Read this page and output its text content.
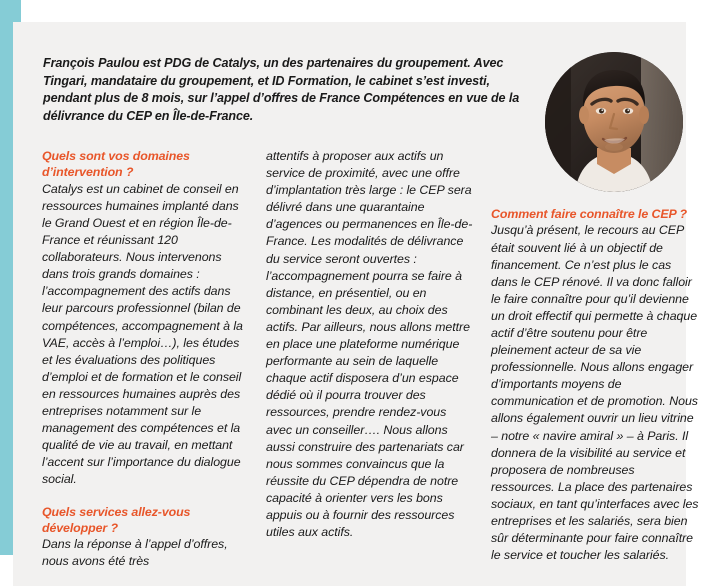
François Paulou est PDG de Catalys, un des partenaires du groupement. Avec Tingari, mandataire du groupement, et ID Formation, le cabinet s’est investi, pendant plus de 8 mois, sur l’appel d’offres de France Compétences en vue de la délivrance du CEP en Île-de-France.
Quels sont vos domaines d’intervention ?

Catalys est un cabinet de conseil en ressources humaines implanté dans le Grand Ouest et en région Île-de-France et réunissant 120 collaborateurs. Nous intervenons dans trois grands domaines : l’accompagnement des actifs dans leur parcours professionnel (bilan de compétences, accompagnement à la VAE, accès à l’emploi…), les études et les évaluations des politiques d’emploi et de formation et le conseil en ressources humaines auprès des entreprises notamment sur le management des compétences et la qualité de vie au travail, en mettant l’accent sur l’importance du dialogue social.

Quels services allez-vous développer ?

Dans la réponse à l’appel d’offres, nous avons été très

attentifs à proposer aux actifs un service de proximité, avec une offre d’implantation très large : le CEP sera délivré dans une quarantaine d’agences ou permanences en Île-de-France. Les modalités de délivrance du service seront ouvertes : l’accompagnement pourra se faire à distance, en présentiel, ou en combinant les deux, au choix des actifs. Par ailleurs, nous allons mettre en place une plateforme numérique performante au sein de laquelle chaque actif disposera d’un espace dédié où il pourra trouver des ressources, prendre rendez-vous avec un conseiller…. Nous allons aussi construire des partenariats car nous sommes convaincus que la réussite du CEP dépendra de notre capacité à orienter vers les bons appuis ou à fournir des ressources utiles aux actifs.

Comment faire connaître le CEP ?

Jusqu’à présent, le recours au CEP était souvent lié à un objectif de financement. Ce n’est plus le cas dans le CEP rénové. Il va donc falloir le faire connaître pour qu’il devienne un droit effectif qui permette à chaque actif d’être soutenu pour être pleinement acteur de sa vie professionnelle. Nous allons engager d’importants moyens de communication et de promotion. Nous allons également ouvrir un lieu vitrine – notre « navire amiral » – à Paris. Il donnera de la visibilité au service et proposera de nombreuses ressources. La place des partenaires sociaux, en tant qu’interfaces avec les entreprises et les salariés, sera bien sûr déterminante pour faire connaître le service et toucher les salariés.
